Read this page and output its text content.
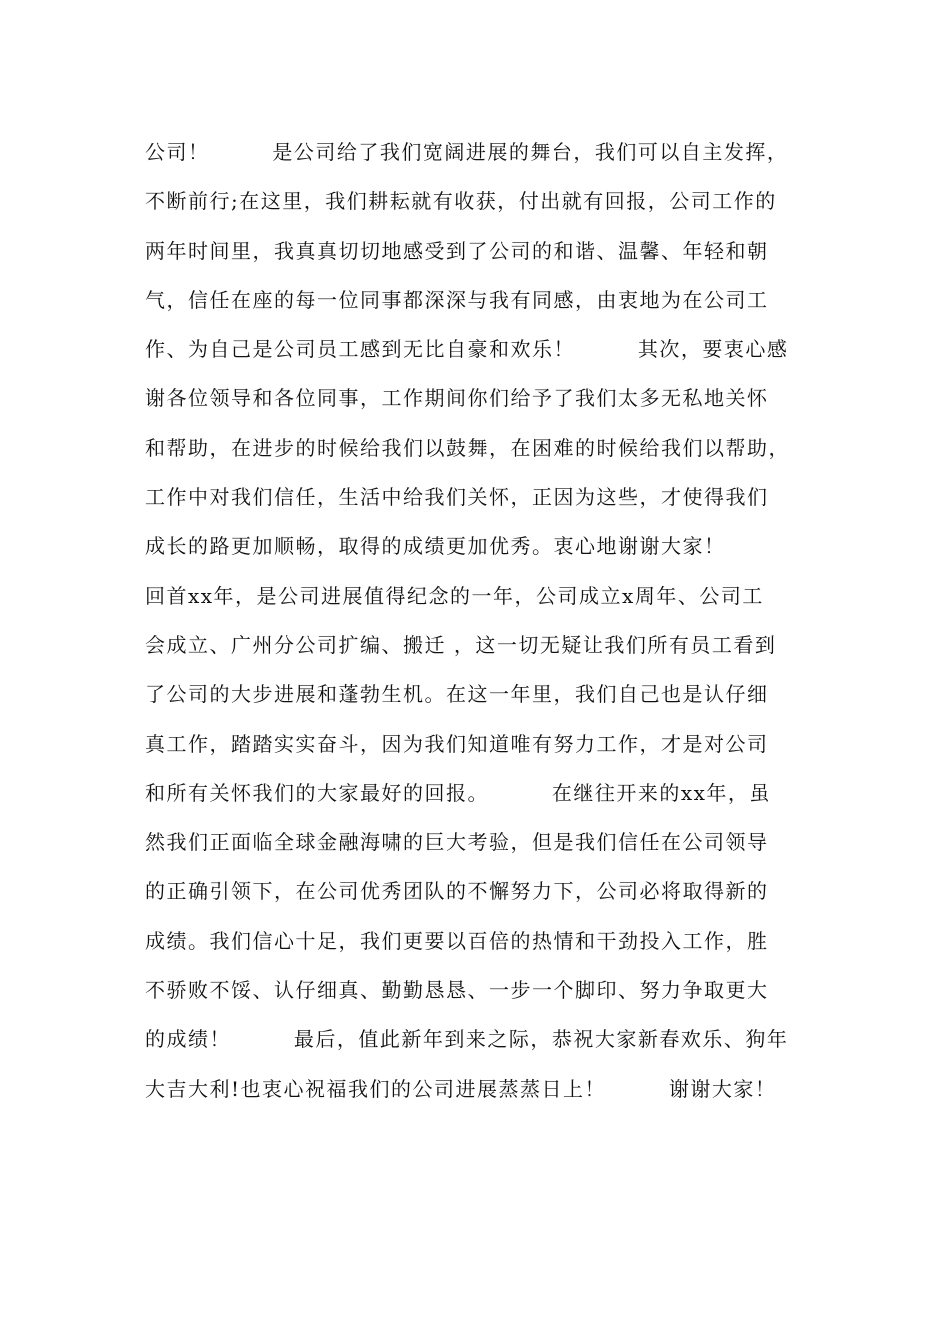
公司！        是公司给了我们宽阔进展的舞台，我们可以自主发挥，
不断前行;在这里，我们耕耘就有收获，付出就有回报，公司工作的
两年时间里，我真真切切地感受到了公司的和谐、温馨、年轻和朝
气，信任在座的每一位同事都深深与我有同感，由衷地为在公司工
作、为自己是公司员工感到无比自豪和欢乐！        其次，要衷心感
谢各位领导和各位同事，工作期间你们给予了我们太多无私地关怀
和帮助，在进步的时候给我们以鼓舞，在困难的时候给我们以帮助，
工作中对我们信任，生活中给我们关怀，正因为这些，才使得我们
成长的路更加顺畅，取得的成绩更加优秀。衷心地谢谢大家！
回首xx年，是公司进展值得纪念的一年，公司成立x周年、公司工
会成立、广州分公司扩编、搬迁 ，这一切无疑让我们所有员工看到
了公司的大步进展和蓬勃生机。在这一年里，我们自己也是认仔细
真工作，踏踏实实奋斗，因为我们知道唯有努力工作，才是对公司
和所有关怀我们的大家最好的回报。        在继往开来的xx年，虽
然我们正面临全球金融海啸的巨大考验，但是我们信任在公司领导
的正确引领下，在公司优秀团队的不懈努力下，公司必将取得新的
成绩。我们信心十足，我们更要以百倍的热情和干劲投入工作，胜
不骄败不馁、认仔细真、勤勤恳恳、一步一个脚印、努力争取更大
的成绩！        最后，值此新年到来之际，恭祝大家新春欢乐、狗年
大吉大利!也衷心祝福我们的公司进展蒸蒸日上！        谢谢大家！
